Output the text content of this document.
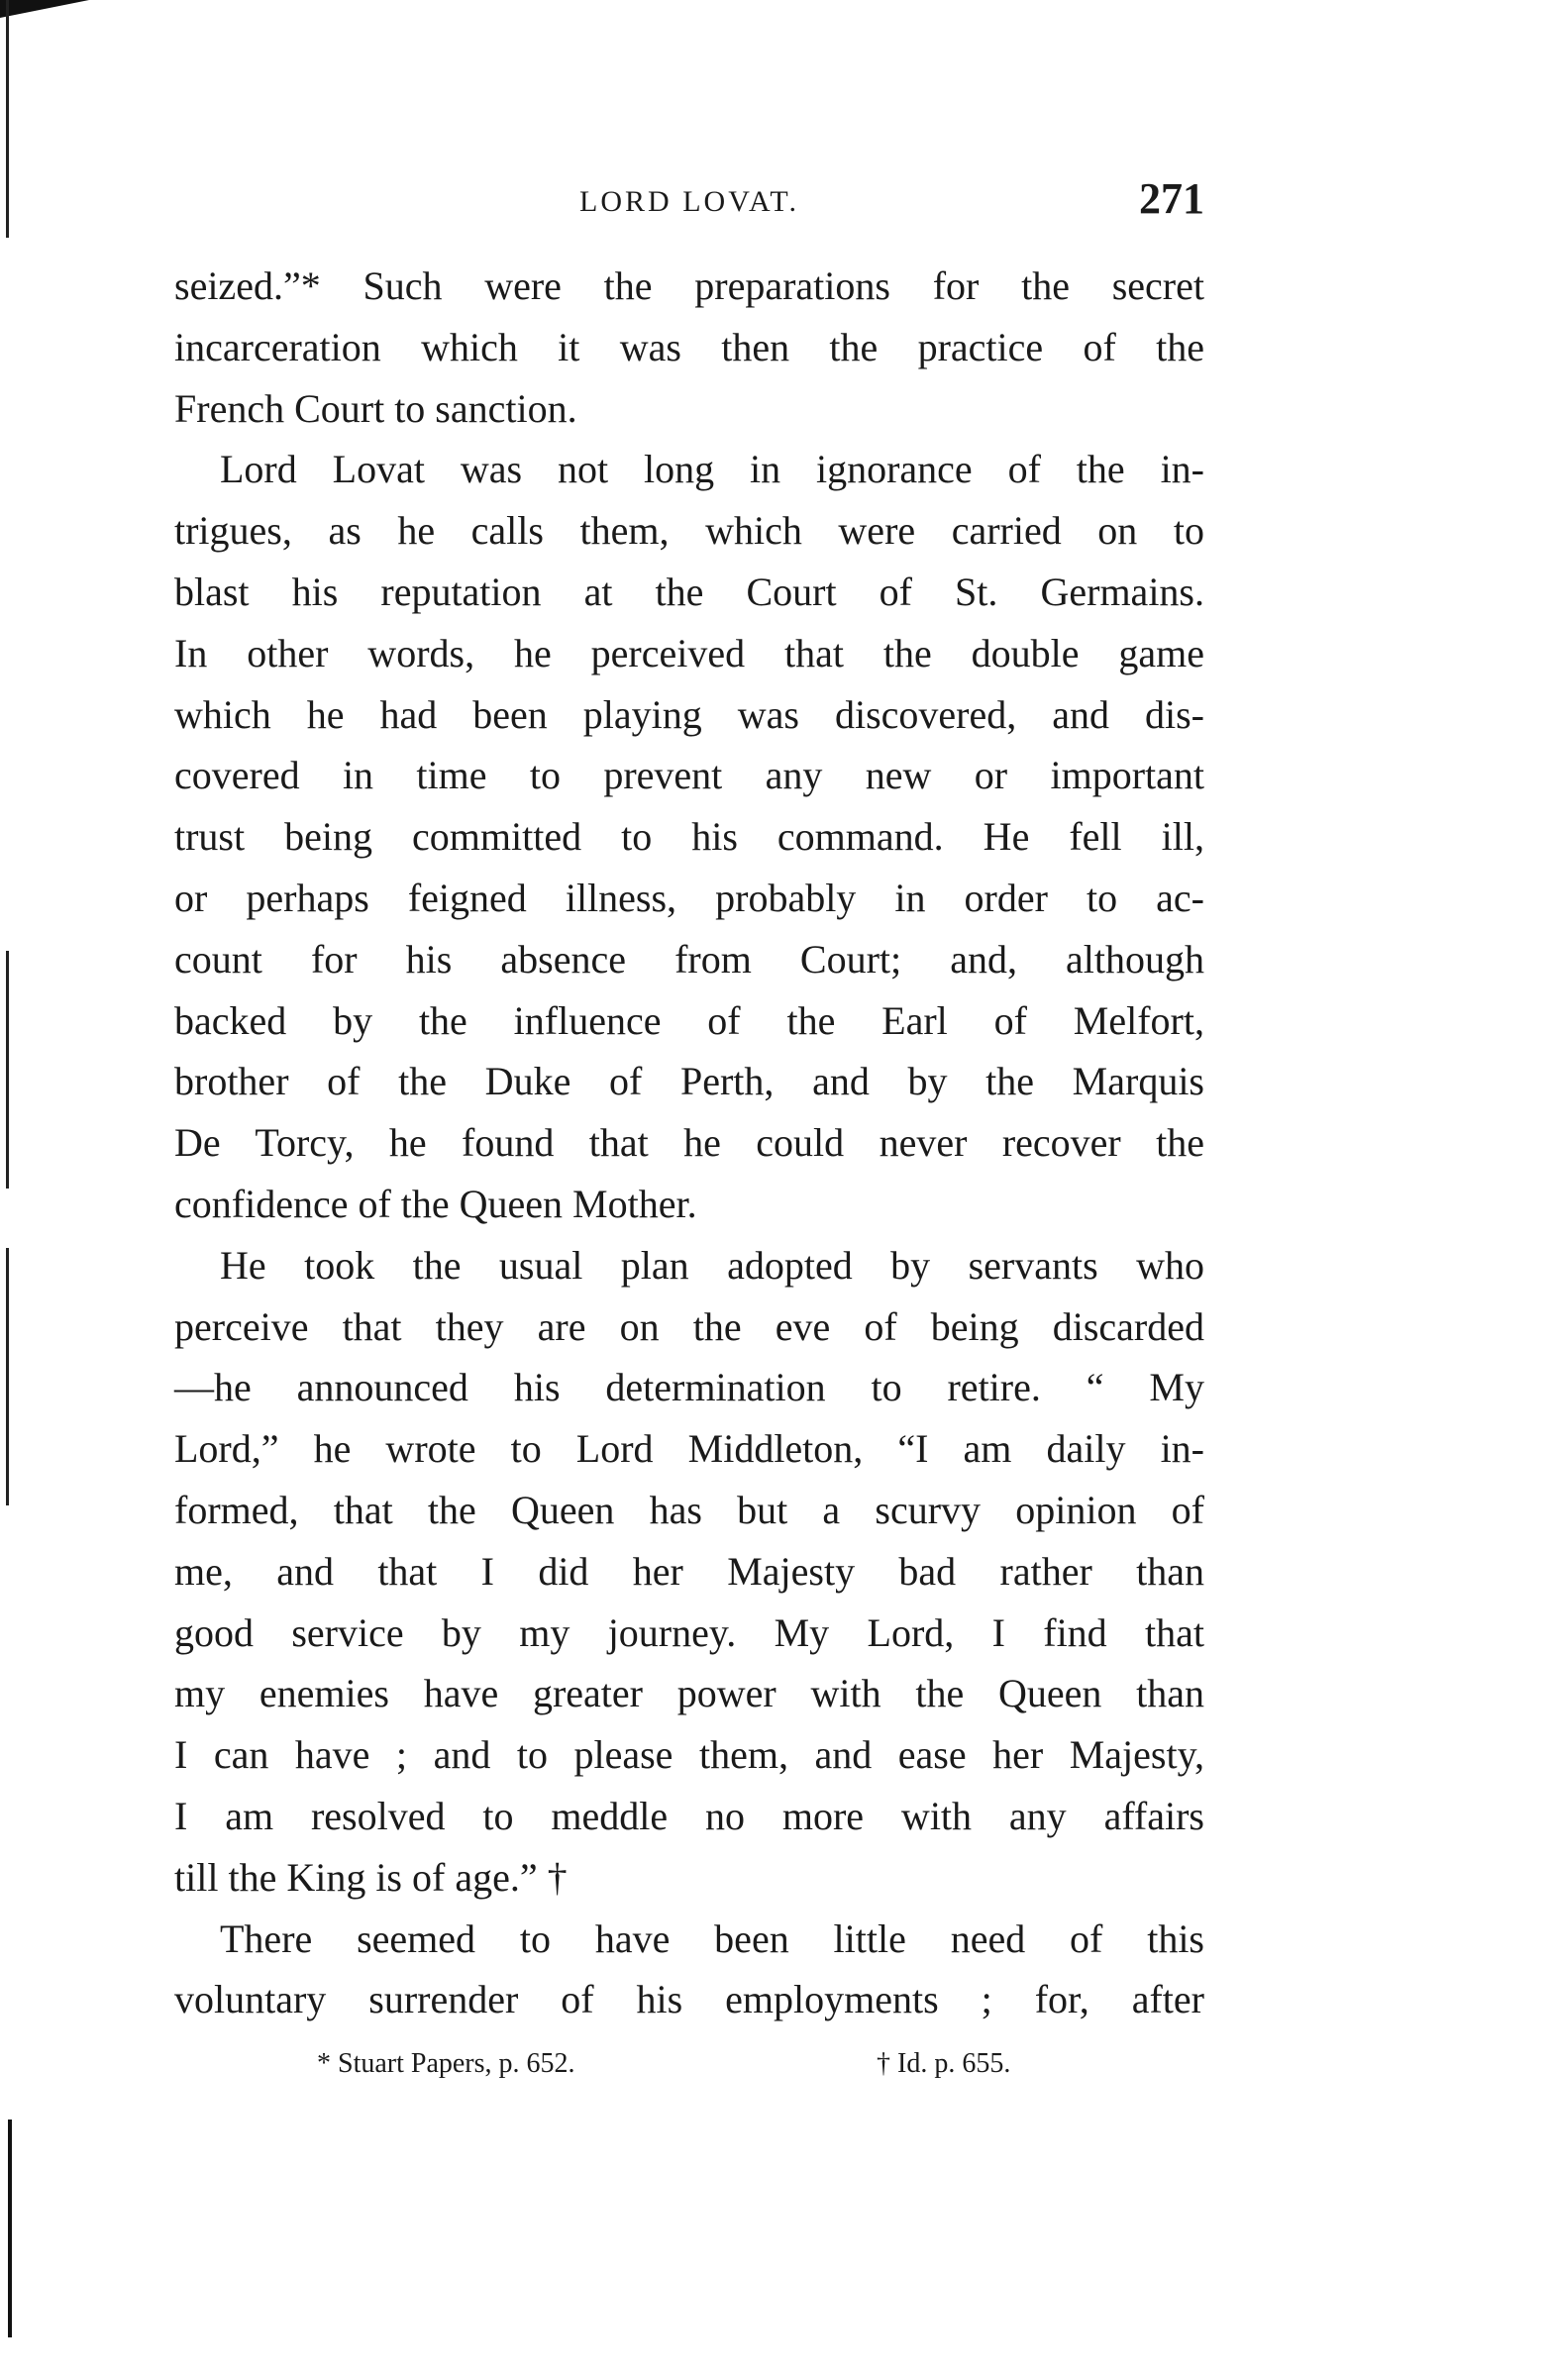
LORD LOVAT.	271
seized.”* Such were the preparations for the secret
incarceration which it was then the practice of the
French Court to sanction.
Lord Lovat was not long in ignorance of the in-
trigues, as he calls them, which were carried on to
blast his reputation at the Court of St. Germains.
In other words, he perceived that the double game
which he had been playing was discovered, and dis-
covered in time to prevent any new or important
trust being committed to his command. He fell ill,
or perhaps feigned illness, probably in order to ac-
count for his absence from Court; and, although
backed by the influence of the Earl of Melfort,
brother of the Duke of Perth, and by the Marquis
De Torcy, he found that he could never recover the
confidence of the Queen Mother.
He took the usual plan adopted by servants who
perceive that they are on the eve of being discarded
—he announced his determination to retire. “ My
Lord,” he wrote to Lord Middleton, “I am daily in-
formed, that the Queen has but a scurvy opinion of
me, and that I did her Majesty bad rather than
good service by my journey. My Lord, I find that
my enemies have greater power with the Queen than
I can have ; and to please them, and ease her Majesty,
I am resolved to meddle no more with any affairs
till the King is of age.” †
There seemed to have been little need of this
voluntary surrender of his employments ; for, after
* Stuart Papers, p. 652.	† Id. p. 655.
